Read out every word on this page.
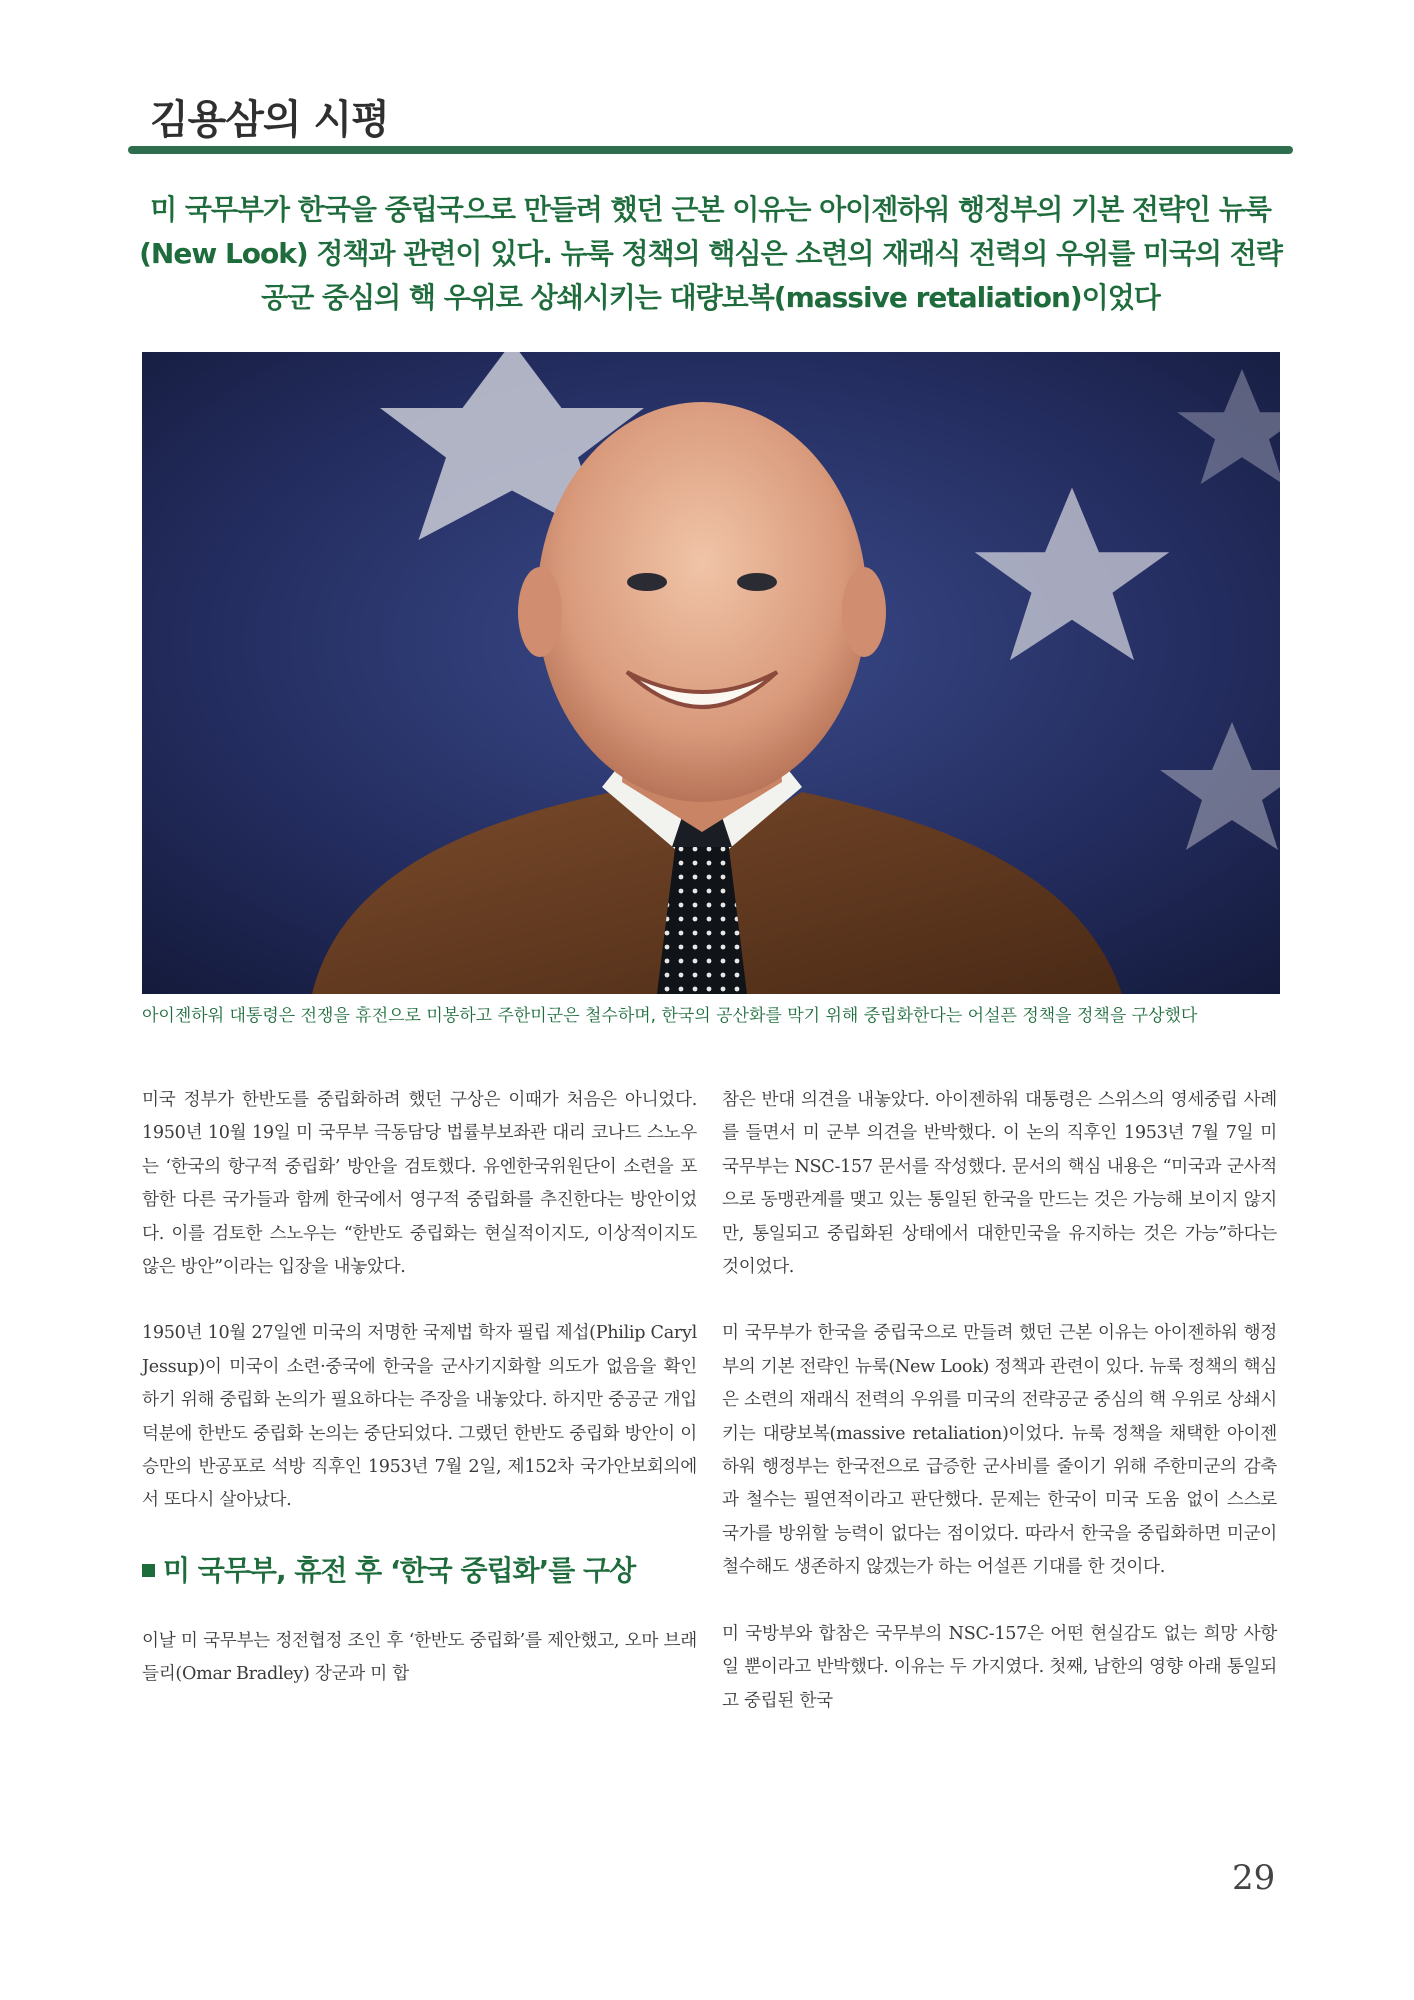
김용삼의 시평

미 국무부가 한국을 중립국으로 만들려 했던 근본 이유는 아이젠하워 행정부의 기본 전략인 뉴룩(New Look) 정책과 관련이 있다. 뉴룩 정책의 핵심은 소련의 재래식 전력의 우위를 미국의 전략공군 중심의 핵 우위로 상쇄시키는 대량보복(massive retaliation)이었다

아이젠하워 대통령은 전쟁을 휴전으로 미봉하고 주한미군은 철수하며, 한국의 공산화를 막기 위해 중립화한다는 어설픈 정책을 정책을 구상했다

미국 정부가 한반도를 중립화하려 했던 구상은 이때가 처음은 아니었다. 1950년 10월 19일 미 국무부 극동담당 법률부보좌관 대리 코나드 스노우는 ‘한국의 항구적 중립화’ 방안을 검토했다. 유엔한국위원단이 소련을 포함한 다른 국가들과 함께 한국에서 영구적 중립화를 추진한다는 방안이었다. 이를 검토한 스노우는 “한반도 중립화는 현실적이지도, 이상적이지도 않은 방안”이라는 입장을 내놓았다.

1950년 10월 27일엔 미국의 저명한 국제법 학자 필립 제섭(Philip Caryl Jessup)이 미국이 소련·중국에 한국을 군사기지화할 의도가 없음을 확인하기 위해 중립화 논의가 필요하다는 주장을 내놓았다. 하지만 중공군 개입 덕분에 한반도 중립화 논의는 중단되었다. 그랬던 한반도 중립화 방안이 이승만의 반공포로 석방 직후인 1953년 7월 2일, 제152차 국가안보회의에서 또다시 살아났다.

미 국무부, 휴전 후 ‘한국 중립화’를 구상

이날 미 국무부는 정전협정 조인 후 ‘한반도 중립화’를 제안했고, 오마 브래들리(Omar Bradley) 장군과 미 합

참은 반대 의견을 내놓았다. 아이젠하워 대통령은 스위스의 영세중립 사례를 들면서 미 군부 의견을 반박했다. 이 논의 직후인 1953년 7월 7일 미 국무부는 NSC-157 문서를 작성했다. 문서의 핵심 내용은 “미국과 군사적으로 동맹관계를 맺고 있는 통일된 한국을 만드는 것은 가능해 보이지 않지만, 통일되고 중립화된 상태에서 대한민국을 유지하는 것은 가능”하다는 것이었다.

미 국무부가 한국을 중립국으로 만들려 했던 근본 이유는 아이젠하워 행정부의 기본 전략인 뉴룩(New Look) 정책과 관련이 있다. 뉴룩 정책의 핵심은 소련의 재래식 전력의 우위를 미국의 전략공군 중심의 핵 우위로 상쇄시키는 대량보복(massive retaliation)이었다. 뉴룩 정책을 채택한 아이젠하워 행정부는 한국전으로 급증한 군사비를 줄이기 위해 주한미군의 감축과 철수는 필연적이라고 판단했다. 문제는 한국이 미국 도움 없이 스스로 국가를 방위할 능력이 없다는 점이었다. 따라서 한국을 중립화하면 미군이 철수해도 생존하지 않겠는가 하는 어설픈 기대를 한 것이다.

미 국방부와 합참은 국무부의 NSC-157은 어떤 현실감도 없는 희망 사항일 뿐이라고 반박했다. 이유는 두 가지였다. 첫째, 남한의 영향 아래 통일되고 중립된 한국

29
